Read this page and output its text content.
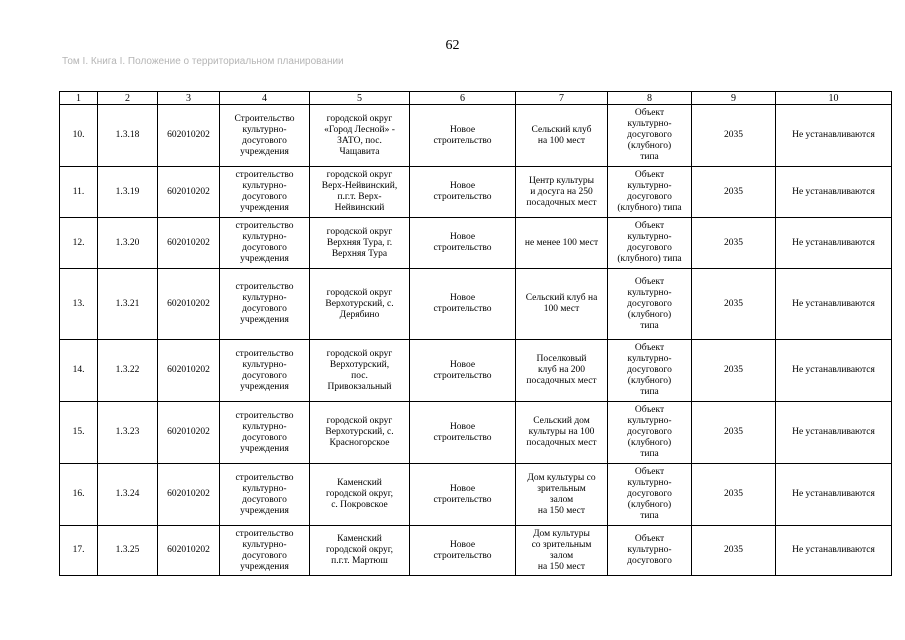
62
Том I. Книга I. Положение о территориальном планировании
1	2	3	4	5	6	7	8	9	10
10.	1.3.18	602010202	Строительство
культурно-
досугового
учреждения	городской округ
«Город Лесной» -
ЗАТО, пос.
Чащавита	Новое
строительство	Сельский клуб
на 100 мест	Объект
культурно-
досугового
(клубного)
типа	2035	Не устанавливаются
11.	1.3.19	602010202	строительство
культурно-
досугового
учреждения	городской округ
Верх-Нейвинский,
п.г.т. Верх-
Нейвинский	Новое
строительство	Центр культуры
и досуга на 250
посадочных мест	Объект
культурно-
досугового
(клубного) типа	2035	Не устанавливаются
12.	1.3.20	602010202	строительство
культурно-
досугового
учреждения	городской округ
Верхняя Тура, г.
Верхняя Тура	Новое
строительство	не менее 100 мест	Объект
культурно-
досугового
(клубного) типа	2035	Не устанавливаются
13.	1.3.21	602010202	строительство
культурно-
досугового
учреждения	городской округ
Верхотурский, с.
Дерябино	Новое
строительство	Сельский клуб на
100 мест	Объект
культурно-
досугового
(клубного)
типа	2035	Не устанавливаются
14.	1.3.22	602010202	строительство
культурно-
досугового
учреждения	городской округ
Верхотурский,
пос.
Привокзальный	Новое
строительство	Поселковый
клуб на 200
посадочных мест	Объект
культурно-
досугового
(клубного)
типа	2035	Не устанавливаются
15.	1.3.23	602010202	строительство
культурно-
досугового
учреждения	городской округ
Верхотурский, с.
Красногорское	Новое
строительство	Сельский дом
культуры на 100
посадочных мест	Объект
культурно-
досугового
(клубного)
типа	2035	Не устанавливаются
16.	1.3.24	602010202	строительство
культурно-
досугового
учреждения	Каменский
городской округ,
с. Покровское	Новое
строительство	Дом культуры со
зрительным
залом
на 150 мест	Объект
культурно-
досугового
(клубного)
типа	2035	Не устанавливаются
17.	1.3.25	602010202	строительство
культурно-
досугового
учреждения	Каменский
городской округ,
п.г.т. Мартюш	Новое
строительство	Дом культуры
со зрительным
залом
на 150 мест	Объект
культурно-
досугового	2035	Не устанавливаются
